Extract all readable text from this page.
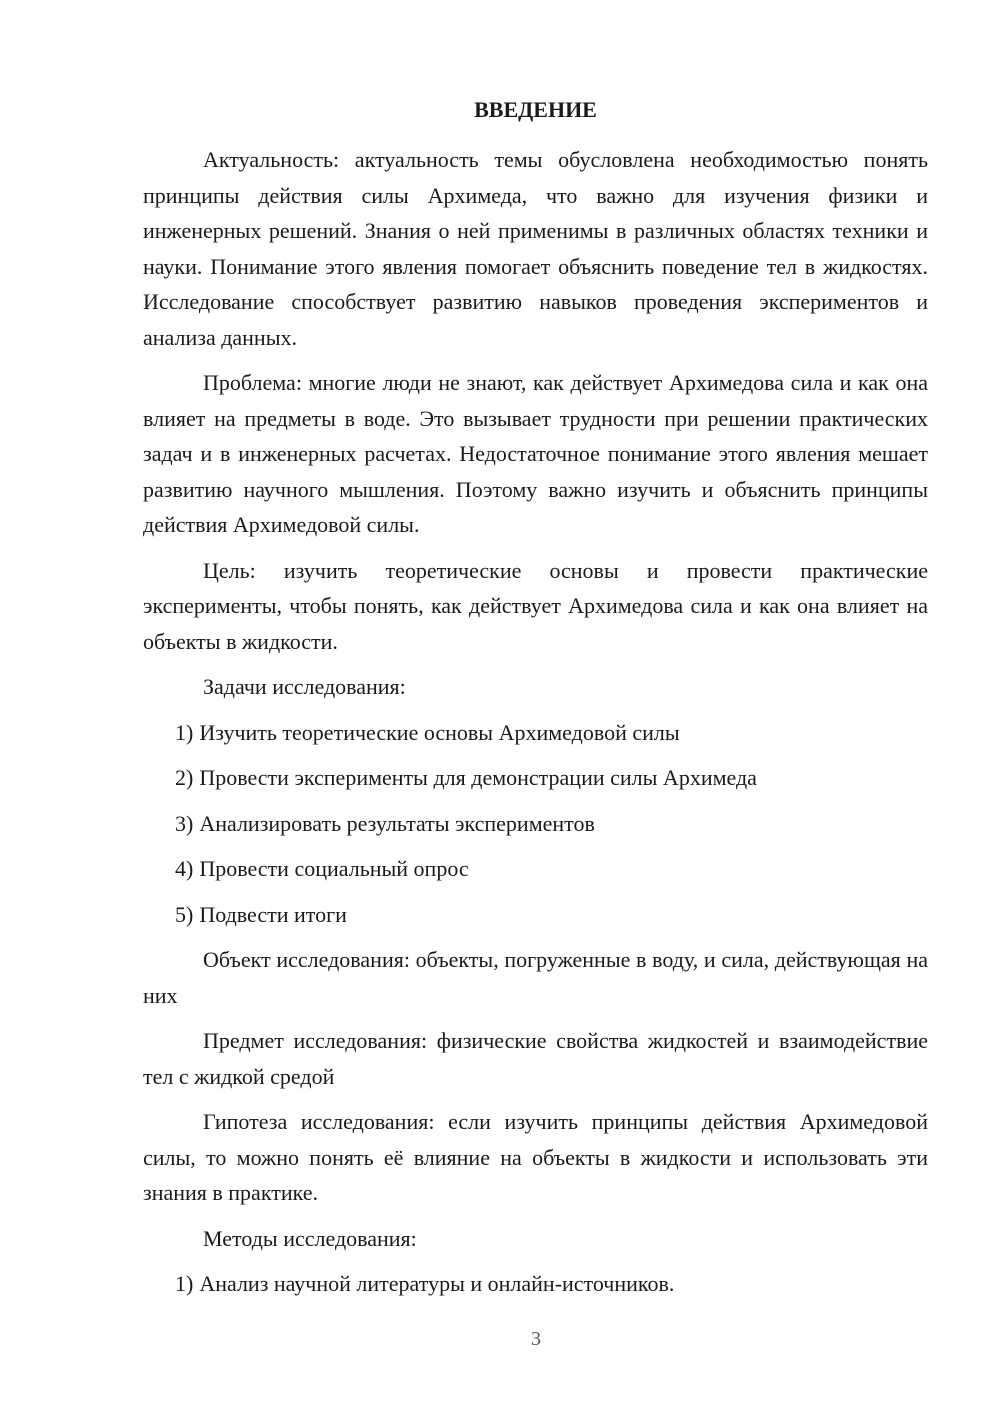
ВВЕДЕНИЕ

Актуальность: актуальность темы обусловлена необходимостью понять принципы действия силы Архимеда, что важно для изучения физики и инженерных решений. Знания о ней применимы в различных областях техники и науки. Понимание этого явления помогает объяснить поведение тел в жидкостях. Исследование способствует развитию навыков проведения экспериментов и анализа данных.

Проблема: многие люди не знают, как действует Архимедова сила и как она влияет на предметы в воде. Это вызывает трудности при решении практических задач и в инженерных расчетах. Недостаточное понимание этого явления мешает развитию научного мышления. Поэтому важно изучить и объяснить принципы действия Архимедовой силы.

Цель: изучить теоретические основы и провести практические эксперименты, чтобы понять, как действует Архимедова сила и как она влияет на объекты в жидкости.

Задачи исследования:

1) Изучить теоретические основы Архимедовой силы
2) Провести эксперименты для демонстрации силы Архимеда
3) Анализировать результаты экспериментов
4) Провести социальный опрос
5) Подвести итоги

Объект исследования: объекты, погруженные в воду, и сила, действующая на них

Предмет исследования: физические свойства жидкостей и взаимодействие тел с жидкой средой

Гипотеза исследования: если изучить принципы действия Архимедовой силы, то можно понять её влияние на объекты в жидкости и использовать эти знания в практике.

Методы исследования:

1) Анализ научной литературы и онлайн-источников.
3
